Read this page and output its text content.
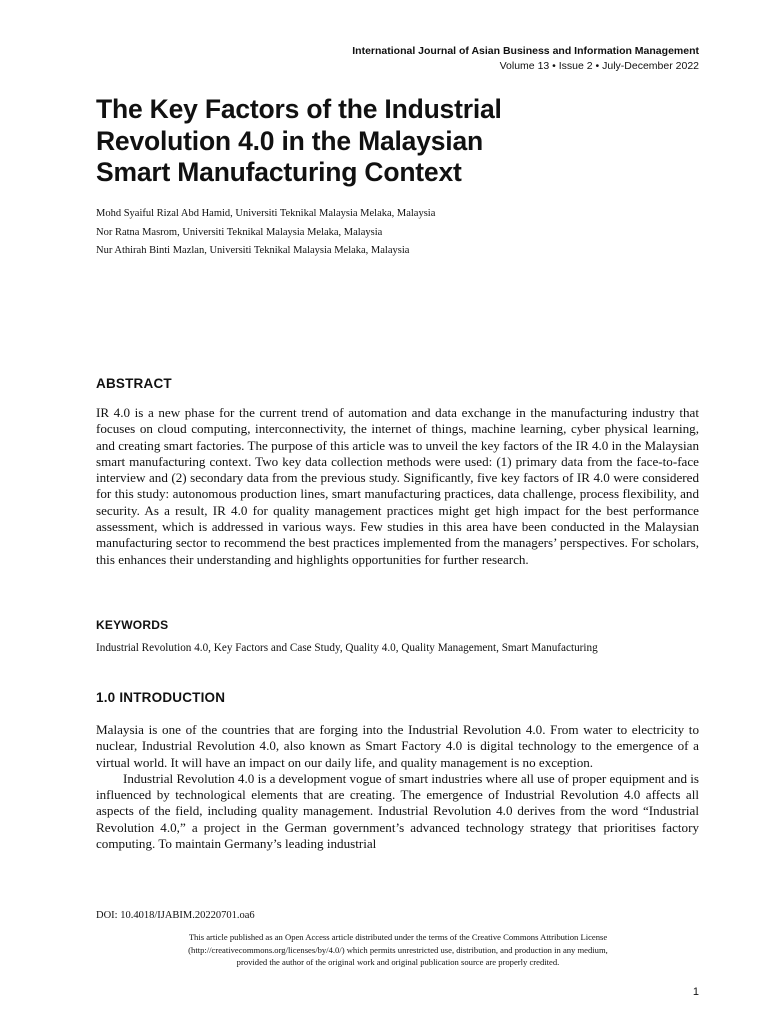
International Journal of Asian Business and Information Management
Volume 13 • Issue 2 • July-December 2022
The Key Factors of the Industrial
Revolution 4.0 in the Malaysian
Smart Manufacturing Context
Mohd Syaiful Rizal Abd Hamid, Universiti Teknikal Malaysia Melaka, Malaysia
Nor Ratna Masrom, Universiti Teknikal Malaysia Melaka, Malaysia
Nur Athirah Binti Mazlan, Universiti Teknikal Malaysia Melaka, Malaysia
ABSTRACT
IR 4.0 is a new phase for the current trend of automation and data exchange in the manufacturing industry that focuses on cloud computing, interconnectivity, the internet of things, machine learning, cyber physical learning, and creating smart factories. The purpose of this article was to unveil the key factors of the IR 4.0 in the Malaysian smart manufacturing context. Two key data collection methods were used: (1) primary data from the face-to-face interview and (2) secondary data from the previous study. Significantly, five key factors of IR 4.0 were considered for this study: autonomous production lines, smart manufacturing practices, data challenge, process flexibility, and security. As a result, IR 4.0 for quality management practices might get high impact for the best performance assessment, which is addressed in various ways. Few studies in this area have been conducted in the Malaysian manufacturing sector to recommend the best practices implemented from the managers’ perspectives. For scholars, this enhances their understanding and highlights opportunities for further research.
KEYWORDS
Industrial Revolution 4.0, Key Factors and Case Study, Quality 4.0, Quality Management, Smart Manufacturing
1.0 INTRODUCTION

Malaysia is one of the countries that are forging into the Industrial Revolution 4.0. From water to electricity to nuclear, Industrial Revolution 4.0, also known as Smart Factory 4.0 is digital technology to the emergence of a virtual world. It will have an impact on our daily life, and quality management is no exception.

Industrial Revolution 4.0 is a development vogue of smart industries where all use of proper equipment and is influenced by technological elements that are creating. The emergence of Industrial Revolution 4.0 affects all aspects of the field, including quality management. Industrial Revolution 4.0 derives from the word “Industrial Revolution 4.0,” a project in the German government’s advanced technology strategy that prioritises factory computing. To maintain Germany’s leading industrial

DOI: 10.4018/IJABIM.20220701.oa6
This article published as an Open Access article distributed under the terms of the Creative Commons Attribution License
(http://creativecommons.org/licenses/by/4.0/) which permits unrestricted use, distribution, and production in any medium,
provided the author of the original work and original publication source are properly credited.
1
